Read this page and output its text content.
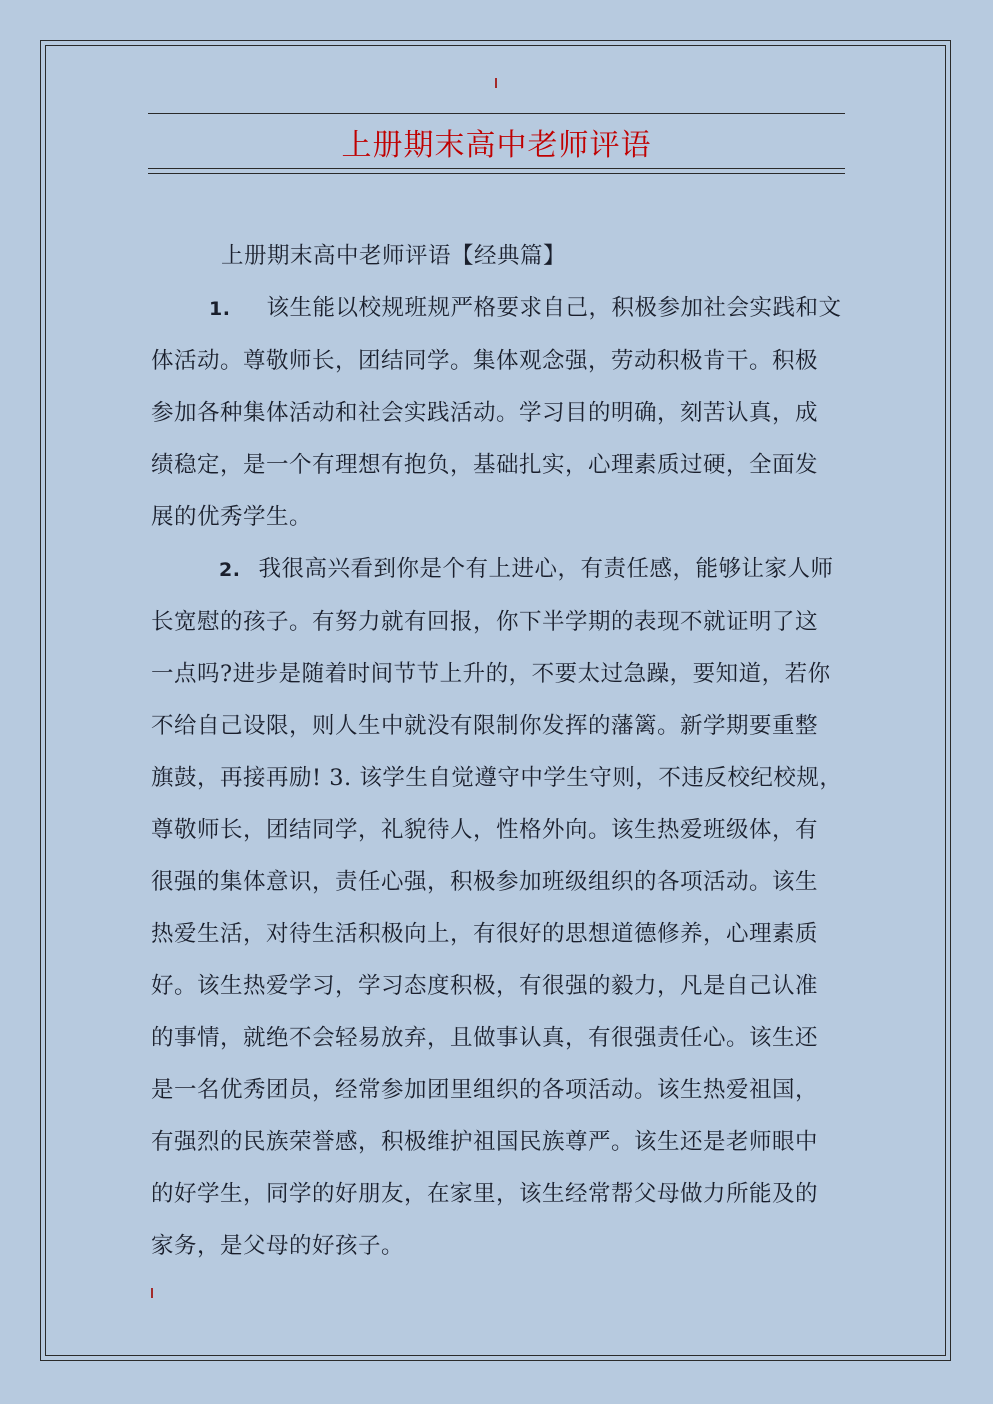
上册期末高中老师评语

上册期末高中老师评语【经典篇】

1. 该生能以校规班规严格要求自己，积极参加社会实践和文
体活动。尊敬师长，团结同学。集体观念强，劳动积极肯干。积极
参加各种集体活动和社会实践活动。学习目的明确，刻苦认真，成
绩稳定，是一个有理想有抱负，基础扎实，心理素质过硬，全面发
展的优秀学生。

2. 我很高兴看到你是个有上进心，有责任感，能够让家人师
长宽慰的孩子。有努力就有回报，你下半学期的表现不就证明了这
一点吗?进步是随着时间节节上升的，不要太过急躁，要知道，若你
不给自己设限，则人生中就没有限制你发挥的藩篱。新学期要重整
旗鼓，再接再励! 3. 该学生自觉遵守中学生守则，不违反校纪校规，
尊敬师长，团结同学，礼貌待人，性格外向。该生热爱班级体，有
很强的集体意识，责任心强，积极参加班级组织的各项活动。该生
热爱生活，对待生活积极向上，有很好的思想道德修养，心理素质
好。该生热爱学习，学习态度积极，有很强的毅力，凡是自己认准
的事情，就绝不会轻易放弃，且做事认真，有很强责任心。该生还
是一名优秀团员，经常参加团里组织的各项活动。该生热爱祖国，
有强烈的民族荣誉感，积极维护祖国民族尊严。该生还是老师眼中
的好学生，同学的好朋友，在家里，该生经常帮父母做力所能及的
家务，是父母的好孩子。
